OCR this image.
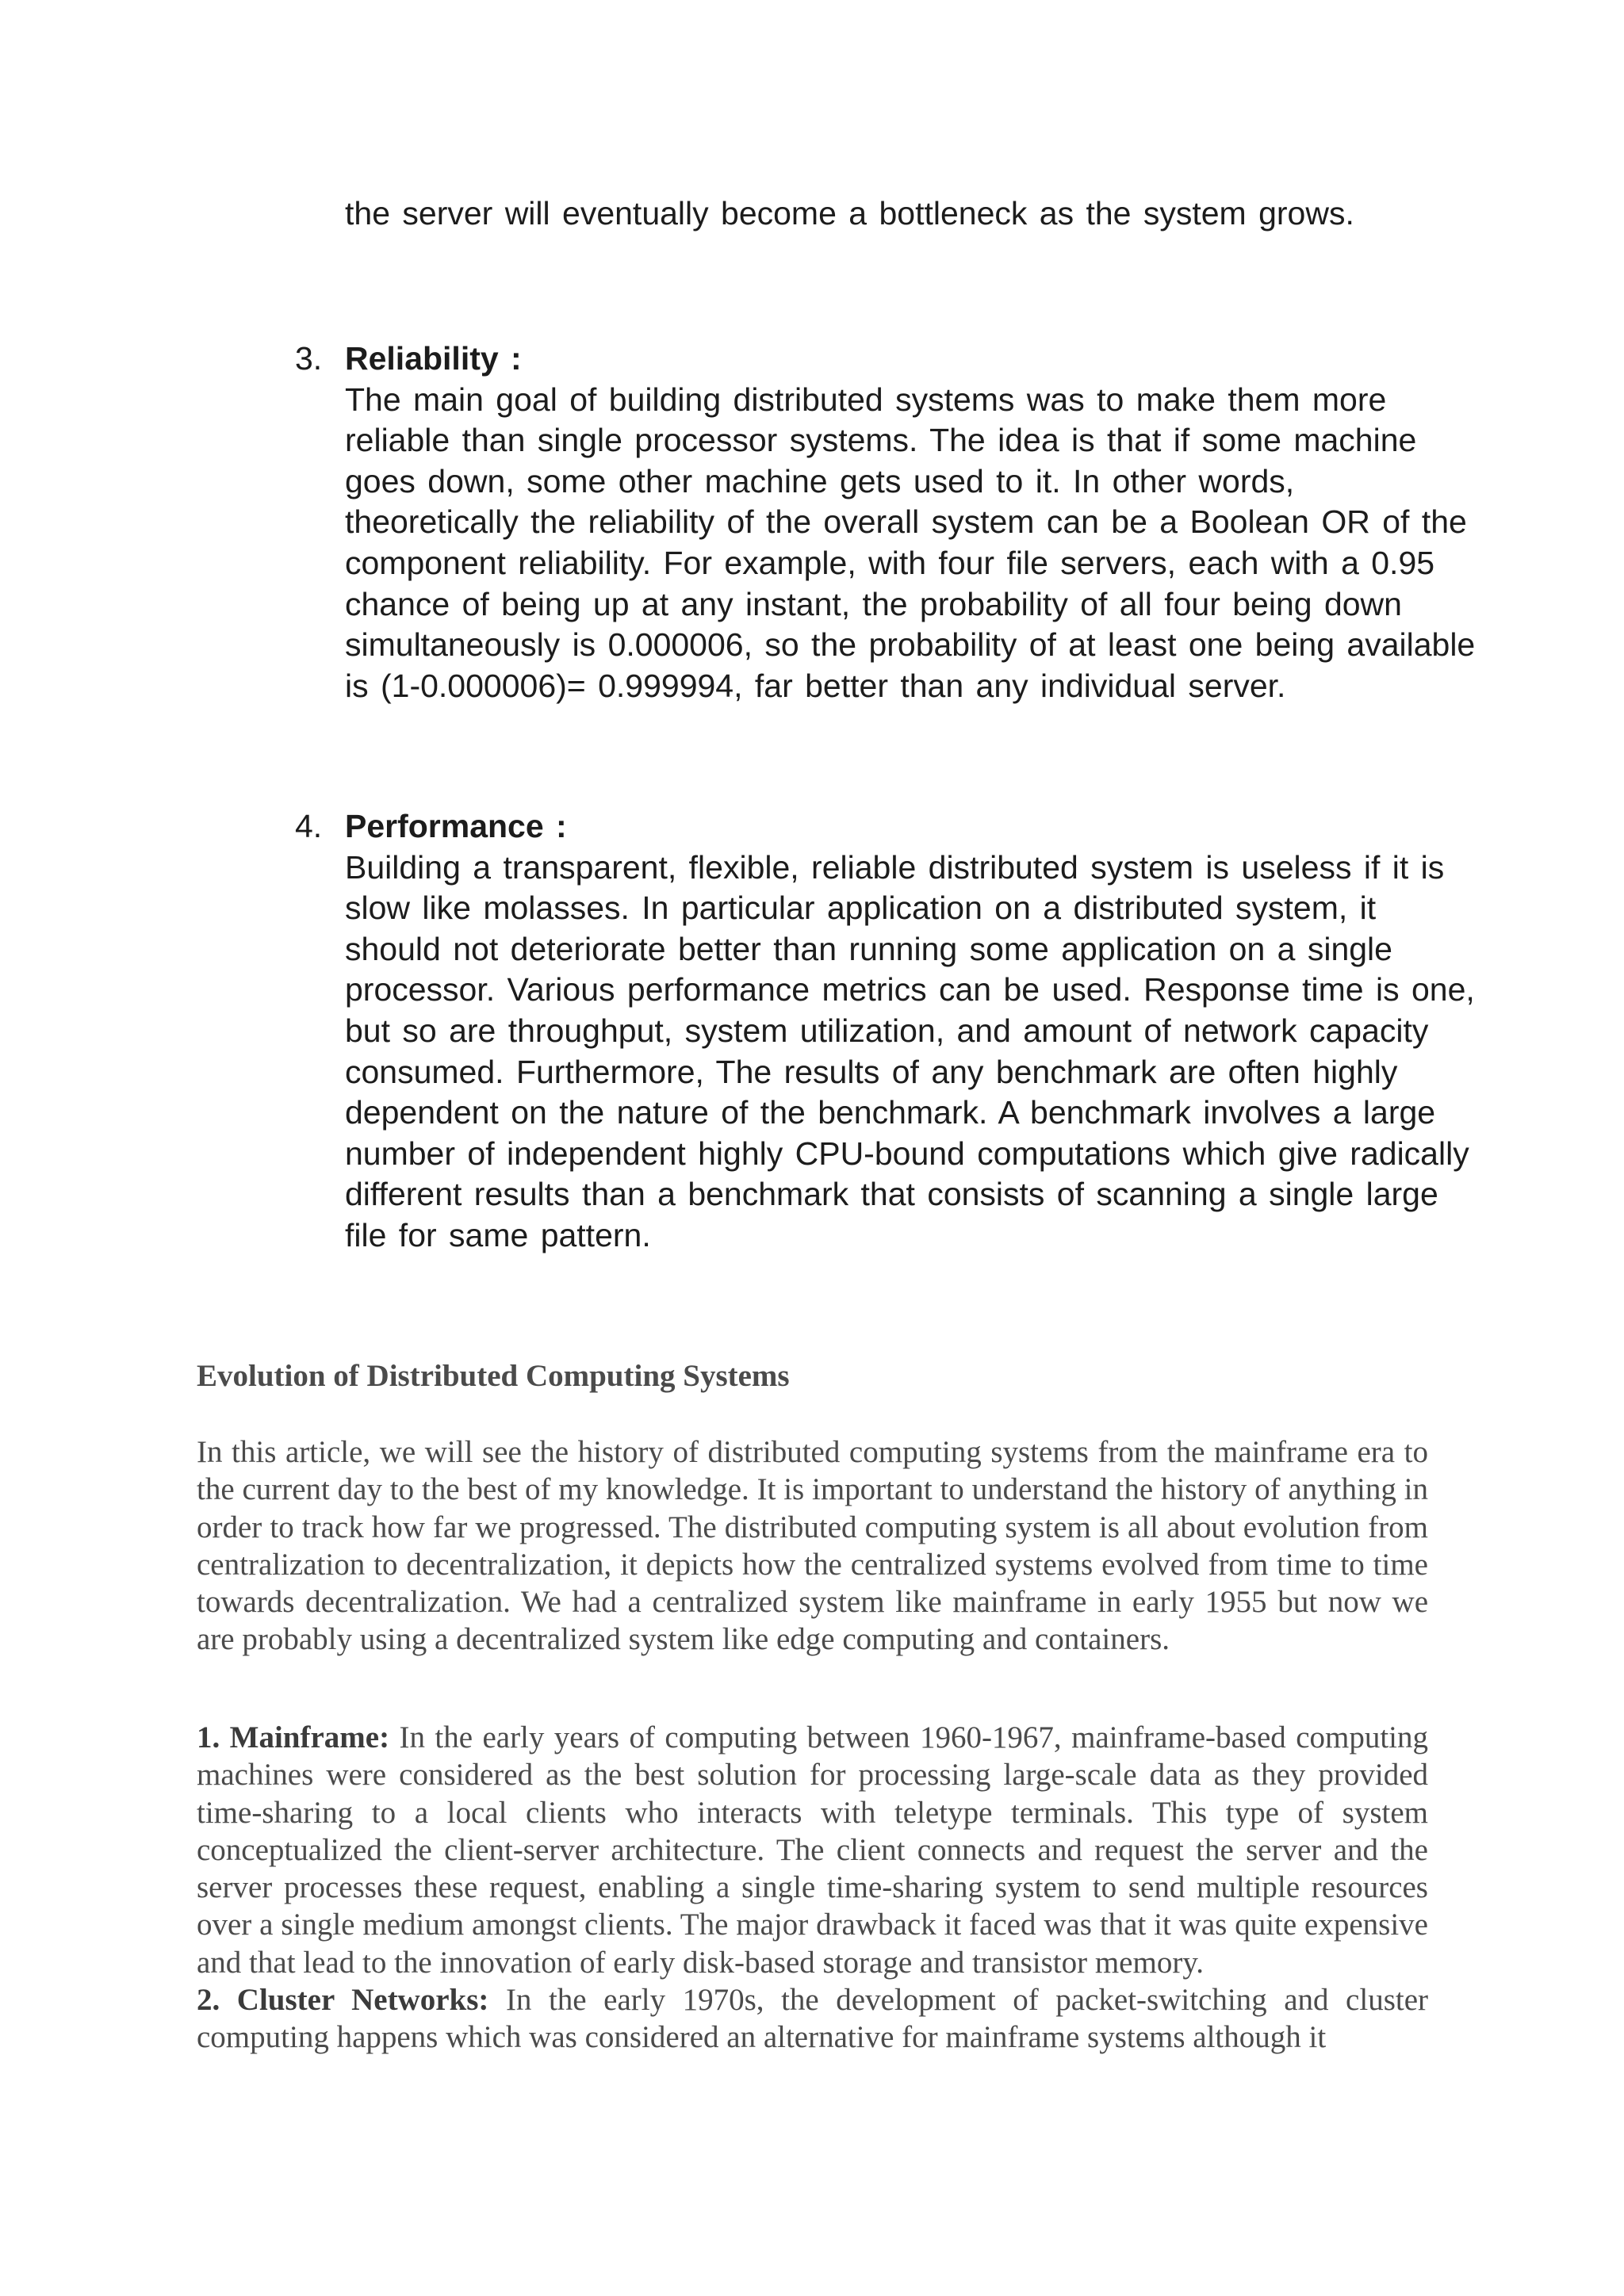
the server will eventually become a bottleneck as the system grows.

3. Reliability :

The main goal of building distributed systems was to make them more reliable than single processor systems. The idea is that if some machine goes down, some other machine gets used to it. In other words, theoretically the reliability of the overall system can be a Boolean OR of the component reliability. For example, with four file servers, each with a 0.95 chance of being up at any instant, the probability of all four being down simultaneously is 0.000006, so the probability of at least one being available is (1-0.000006)= 0.999994, far better than any individual server.

4. Performance :

Building a transparent, flexible, reliable distributed system is useless if it is slow like molasses. In particular application on a distributed system, it should not deteriorate better than running some application on a single processor. Various performance metrics can be used. Response time is one, but so are throughput, system utilization, and amount of network capacity consumed. Furthermore, The results of any benchmark are often highly dependent on the nature of the benchmark. A benchmark involves a large number of independent highly CPU-bound computations which give radically different results than a benchmark that consists of scanning a single large file for same pattern.

Evolution of Distributed Computing Systems

In this article, we will see the history of distributed computing systems from the mainframe era to the current day to the best of my knowledge. It is important to understand the history of anything in order to track how far we progressed. The distributed computing system is all about evolution from centralization to decentralization, it depicts how the centralized systems evolved from time to time towards decentralization. We had a centralized system like mainframe in early 1955 but now we are probably using a decentralized system like edge computing and containers.

1. Mainframe: In the early years of computing between 1960-1967, mainframe-based computing machines were considered as the best solution for processing large-scale data as they provided time-sharing to a local clients who interacts with teletype terminals. This type of system conceptualized the client-server architecture. The client connects and request the server and the server processes these request, enabling a single time-sharing system to send multiple resources over a single medium amongst clients. The major drawback it faced was that it was quite expensive and that lead to the innovation of early disk-based storage and transistor memory.

2. Cluster Networks: In the early 1970s, the development of packet-switching and cluster computing happens which was considered an alternative for mainframe systems although it
